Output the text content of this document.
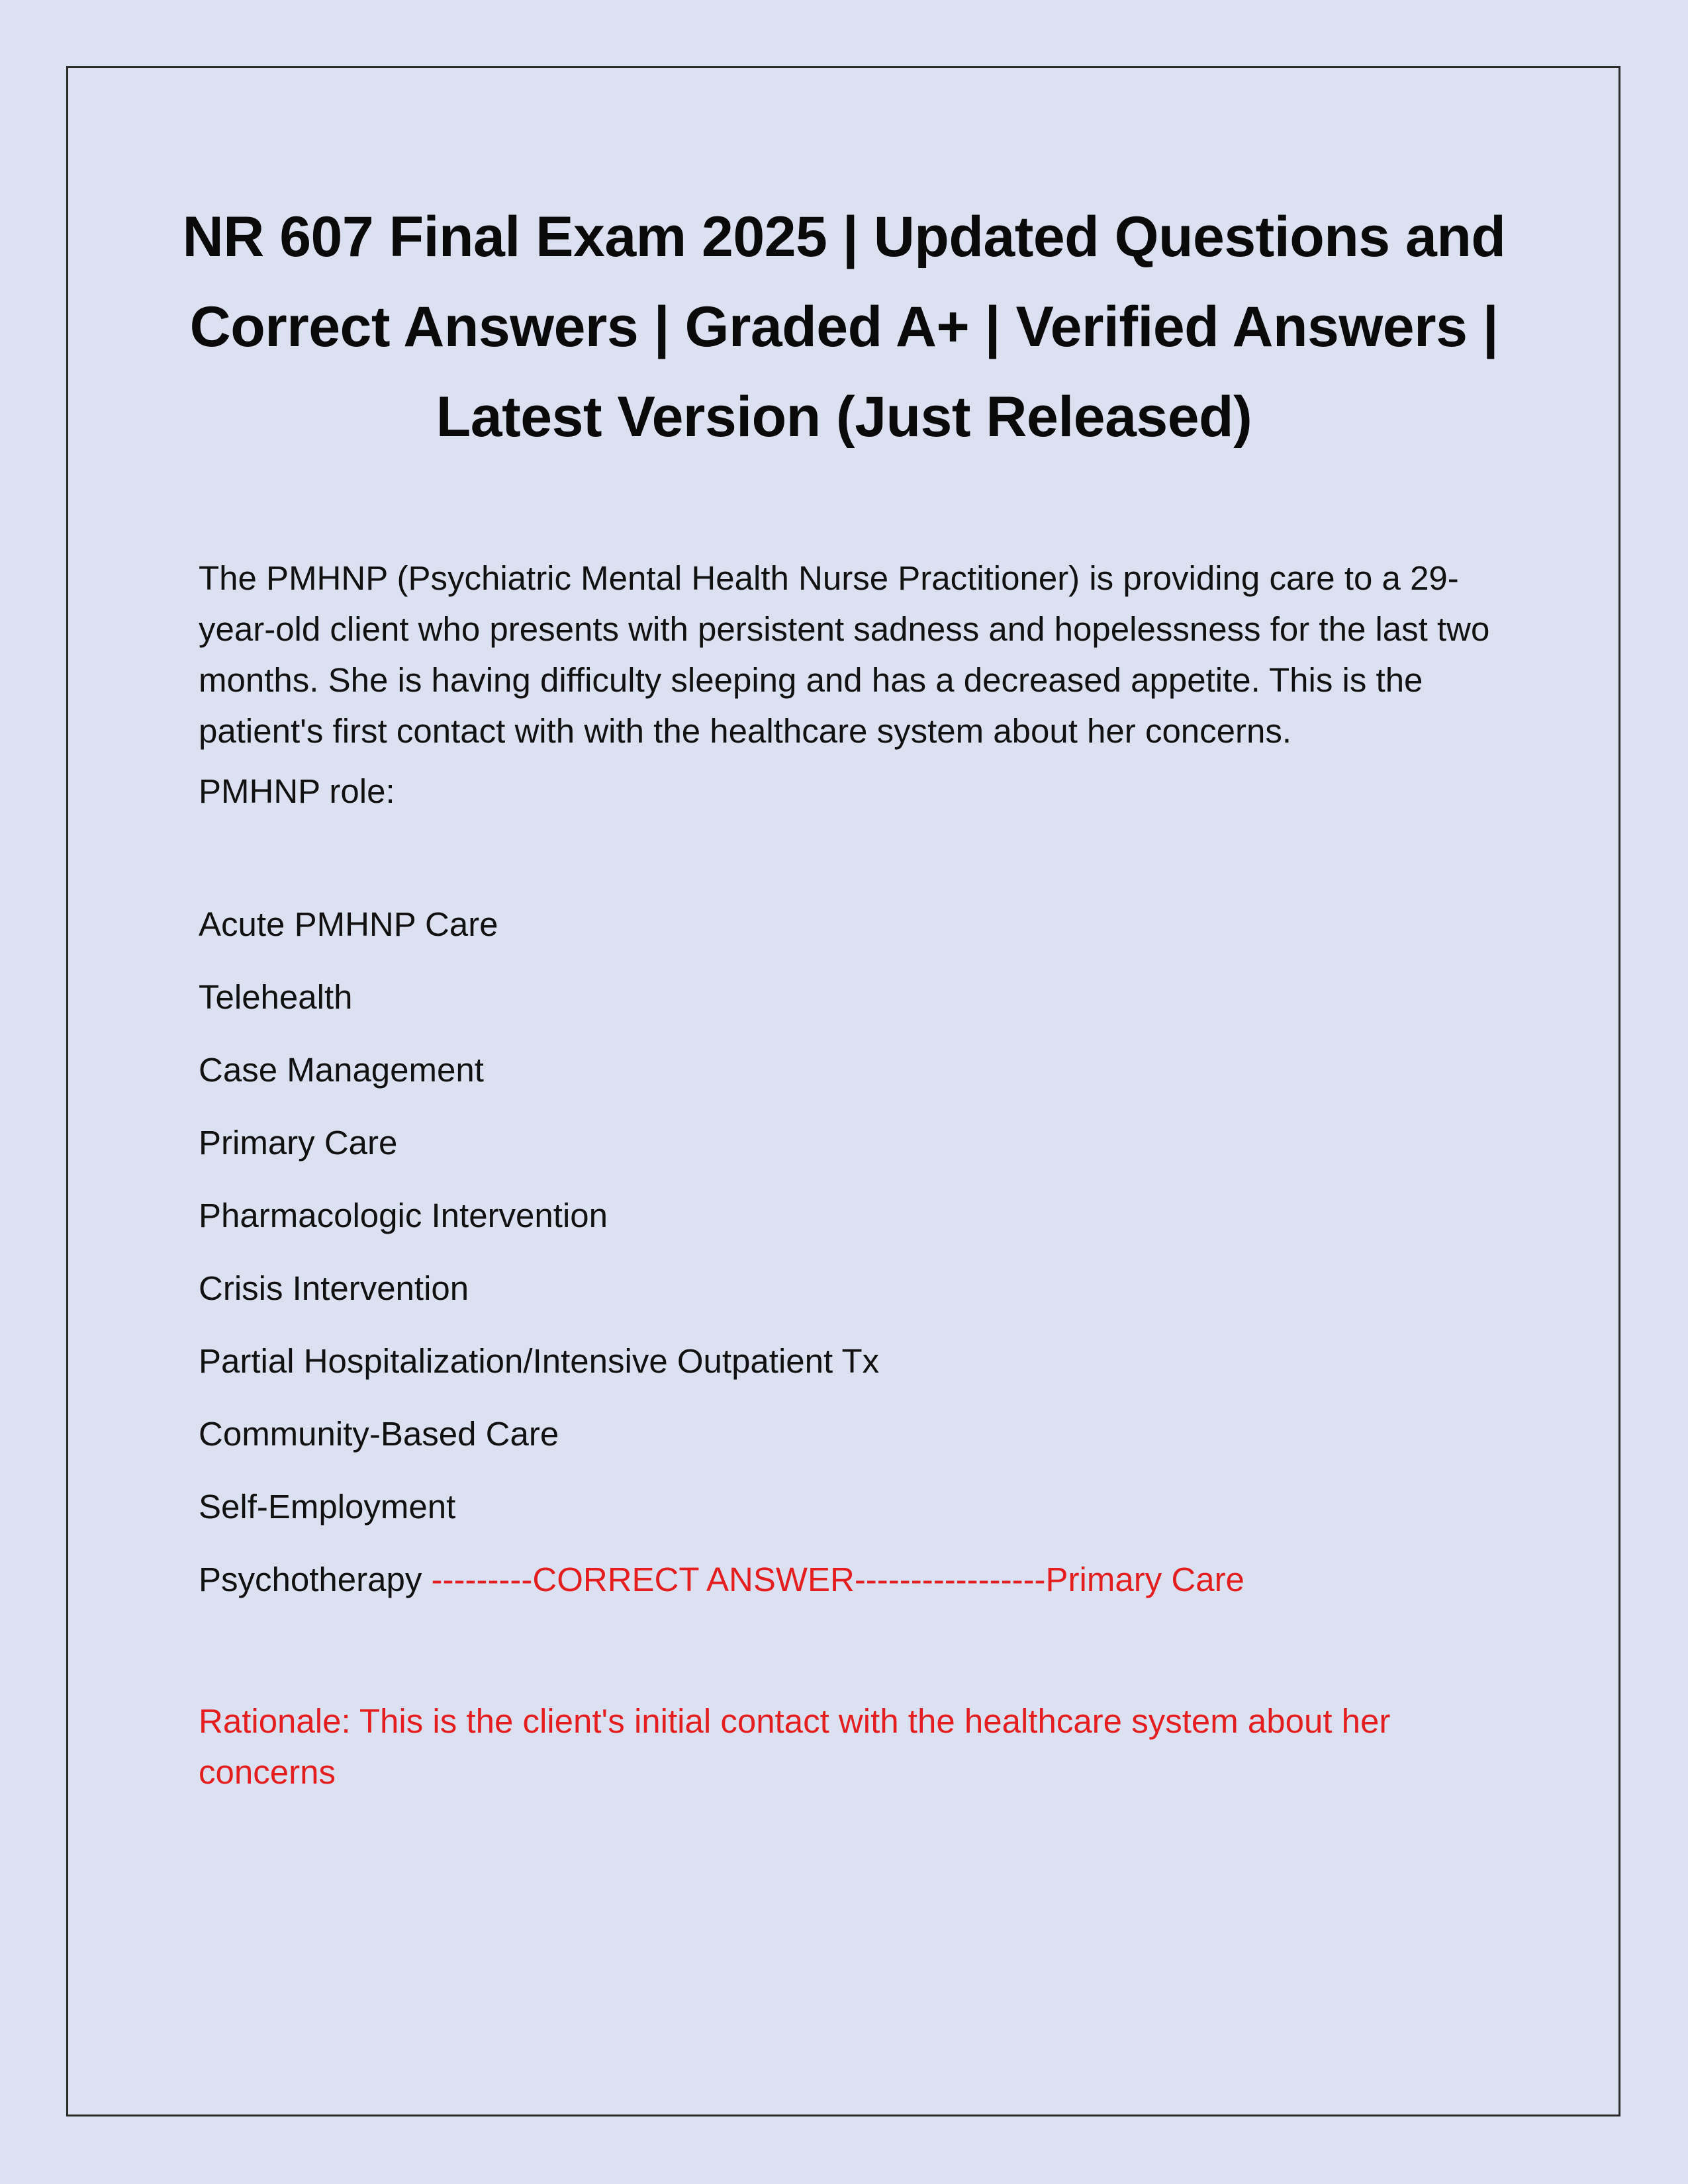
NR 607 Final Exam 2025 | Updated Questions and Correct Answers | Graded A+ | Verified Answers | Latest Version (Just Released)

The PMHNP (Psychiatric Mental Health Nurse Practitioner) is providing care to a 29-year-old client who presents with persistent sadness and hopelessness for the last two months. She is having difficulty sleeping and has a decreased appetite. This is the patient's first contact with with the healthcare system about her concerns.

PMHNP role:

Acute PMHNP Care
Telehealth
Case Management
Primary Care
Pharmacologic Intervention
Crisis Intervention
Partial Hospitalization/Intensive Outpatient Tx
Community-Based Care
Self-Employment
Psychotherapy ---------CORRECT ANSWER-----------------Primary Care

Rationale: This is the client's initial contact with the healthcare system about her concerns
